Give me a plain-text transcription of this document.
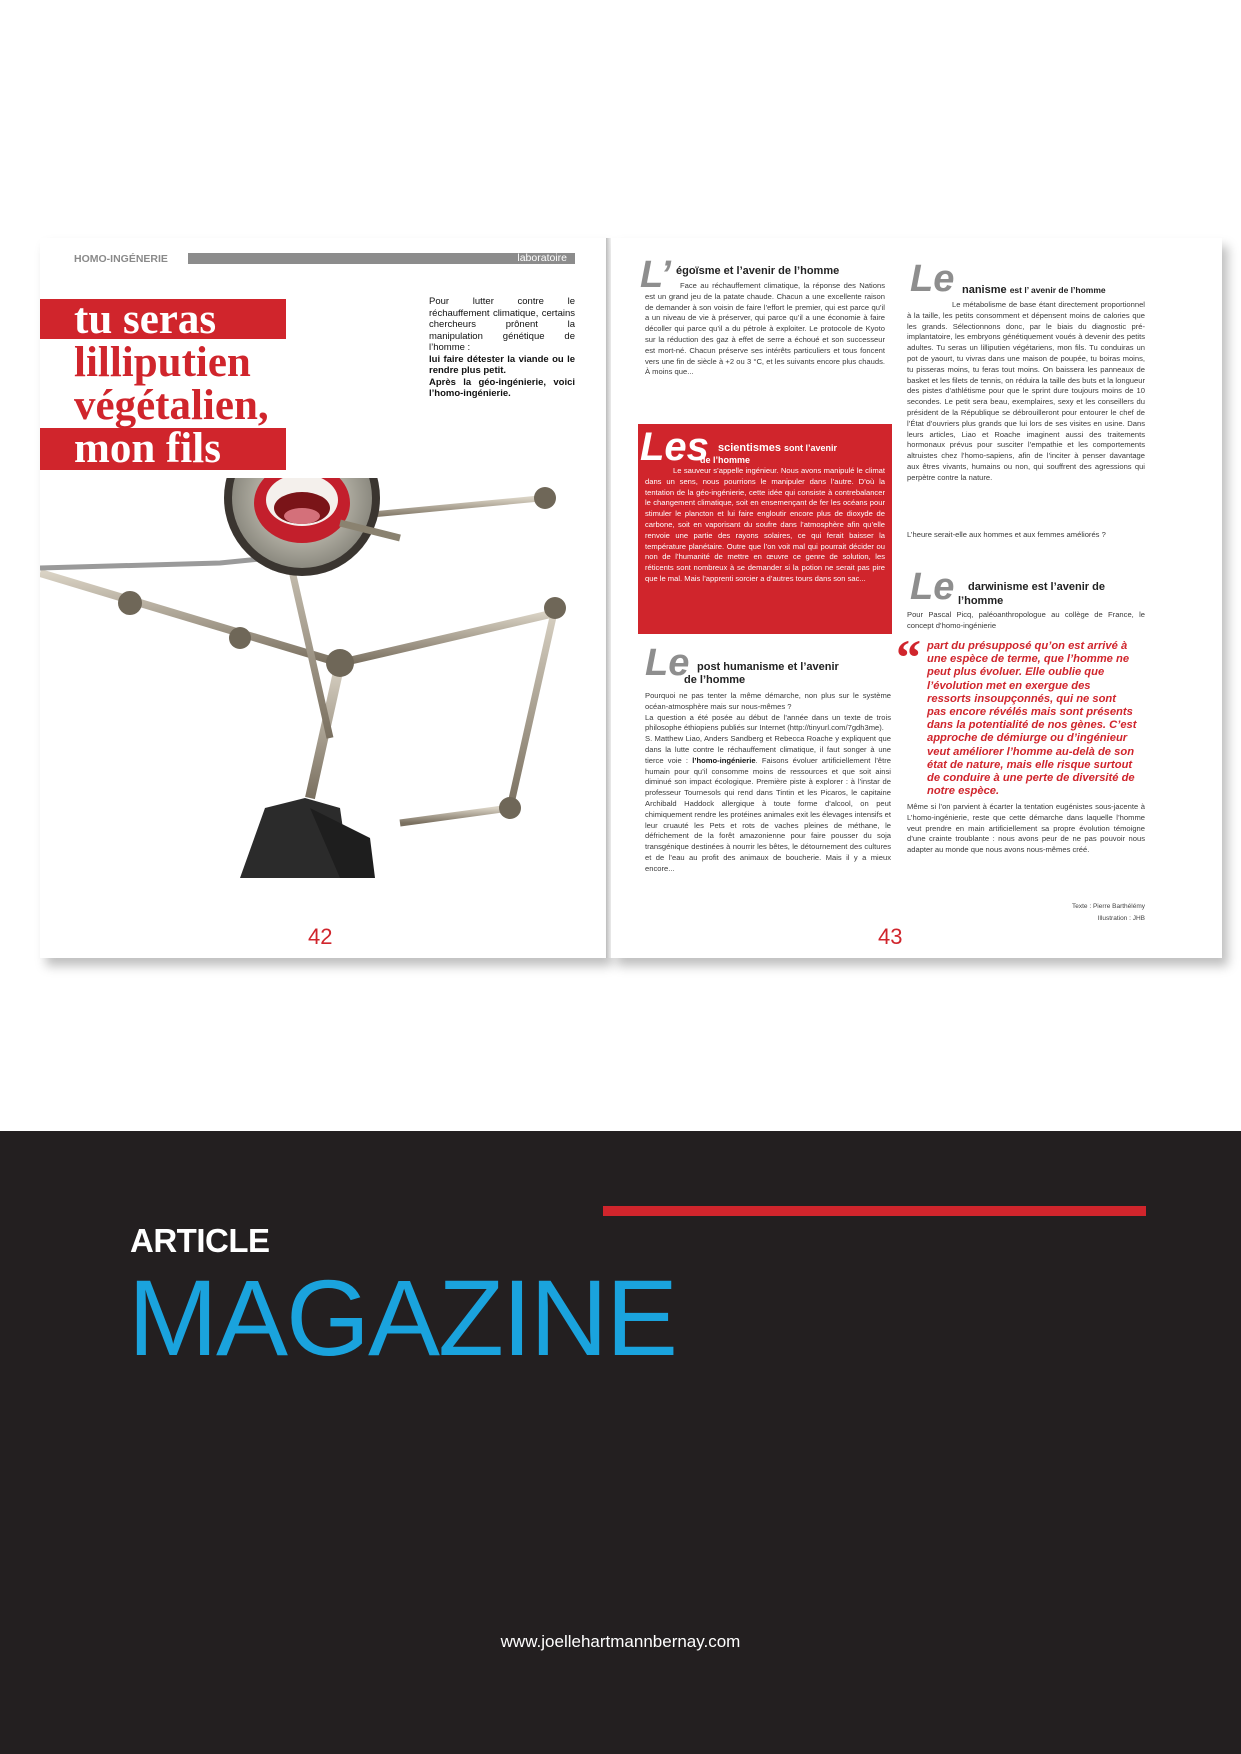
HOMO-INGÉNERIE	laboratoire
tu seras
lilliputien
végétalien,
mon fils
Pour lutter contre le réchauffement climatique, certains chercheurs prônent la manipulation génétique de l’homme :
lui faire détester la viande ou le rendre plus petit.
Après la géo-ingénierie, voici l’homo-ingénierie.
42
L’ égoïsme et l’avenir de l’homme
Face au réchauffement climatique, la réponse des Nations est un grand jeu de la patate chaude. Chacun a une excellente raison de demander à son voisin de faire l’effort le premier, qui est parce qu’il a un niveau de vie à préserver, qui parce qu’il a une économie à faire décoller qui parce qu’il a du pétrole à exploiter. Le protocole de Kyoto sur la réduction des gaz à effet de serre a échoué et son successeur est mort-né. Chacun préserve ses intérêts particuliers et tous foncent vers une fin de siècle à +2 ou 3 °C, et les suivants encore plus chauds. À moins que...
Les scientismes sont l’avenir
de l’homme
Le sauveur s’appelle ingénieur. Nous avons manipulé le climat dans un sens, nous pourrions le manipuler dans l’autre. D’où la tentation de la géo-ingénierie, cette idée qui consiste à contrebalancer le changement climatique, soit en ensemençant de fer les océans pour stimuler le plancton et lui faire engloutir encore plus de dioxyde de carbone, soit en vaporisant du soufre dans l’atmosphère afin qu’elle renvoie une partie des rayons solaires, ce qui ferait baisser la température planétaire. Outre que l’on voit mal qui pourrait décider ou non de l’humanité de mettre en œuvre ce genre de solution, les réticents sont nombreux à se demander si la potion ne serait pas pire que le mal. Mais l’apprenti sorcier a d’autres tours dans son sac...
Le post humanisme et l’avenir
de l’homme
Pourquoi ne pas tenter la même démarche, non plus sur le système océan-atmosphère mais sur nous-mêmes ?
La question a été posée au début de l’année dans un texte de trois philosophe éthiopiens publiés sur Internet (http://tinyurl.com/7gdh3me).
S. Matthew Liao, Anders Sandberg et Rebecca Roache y expliquent que dans la lutte contre le réchauffement climatique, il faut songer à une tierce voie : l’homo-ingénierie. Faisons évoluer artificiellement l’être humain pour qu’il consomme moins de ressources et que soit ainsi diminué son impact écologique. Première piste à explorer : à l’instar de professeur Tournesols qui rend dans Tintin et les Picaros, le capitaine Archibald Haddock allergique à toute forme d’alcool, on peut chimiquement rendre les protéines animales exit les élevages intensifs et leur cruauté les Pets et rots de vaches pleines de méthane, le défrichement de la forêt amazonienne pour faire pousser du soja transgénique destinées à nourrir les bêtes, le détournement des cultures et de l’eau au profit des animaux de boucherie. Mais il y a mieux encore...
Le nanisme est l’ avenir de l’homme
Le métabolisme de base étant directement proportionnel à la taille, les petits consomment et dépensent moins de calories que les grands. Sélectionnons donc, par le biais du diagnostic pré-implantatoire, les embryons génétiquement voués à devenir des petits adultes. Tu seras un lilliputien végétariens, mon fils. Tu conduiras un pot de yaourt, tu vivras dans une maison de poupée, tu boiras moins, tu pisseras moins, tu feras tout moins. On baissera les panneaux de basket et les filets de tennis, on réduira la taille des buts et la longueur des pistes d’athlétisme pour que le sprint dure toujours moins de 10 secondes. Le petit sera beau, exemplaires, sexy et les conseillers du président de la République se débrouilleront pour entourer le chef de l’État d’ouvriers plus grands que lui lors de ses visites en usine. Dans leurs articles, Liao et Roache imaginent aussi des traitements hormonaux prévus pour susciter l’empathie et les comportements altruistes chez l’homo-sapiens, afin de l’inciter à penser davantage aux êtres vivants, humains ou non, qui souffrent des agressions qui perpètre contre la nature.
L’heure serait-elle aux hommes et aux femmes améliorés ?
Le darwinisme est l’avenir de
l’homme
Pour Pascal Picq, paléoanthropologue au collège de France, le concept d’homo-ingénierie
“ part du présupposé qu’on est arrivé à une espèce de terme, que l’homme ne peut plus évoluer. Elle oublie que l’évolution met en exergue des ressorts insoupçonnés, qui ne sont pas encore révélés mais sont présents dans la potentialité de nos gènes. C’est approche de démiurge ou d’ingénieur veut améliorer l’homme au-delà de son état de nature, mais elle risque surtout de conduire à une perte de diversité de notre espèce.
Même si l’on parvient à écarter la tentation eugénistes sous-jacente à L’homo-ingénierie, reste que cette démarche dans laquelle l’homme veut prendre en main artificiellement sa propre évolution témoigne d’une crainte troublante : nous avons peur de ne pas pouvoir nous adapter au monde que nous avons nous-mêmes créé.
Texte : Pierre Barthélémy
Illustration : JHB
43
ARTICLE
MAGAZINE
www.joellehartmannbernay.com
